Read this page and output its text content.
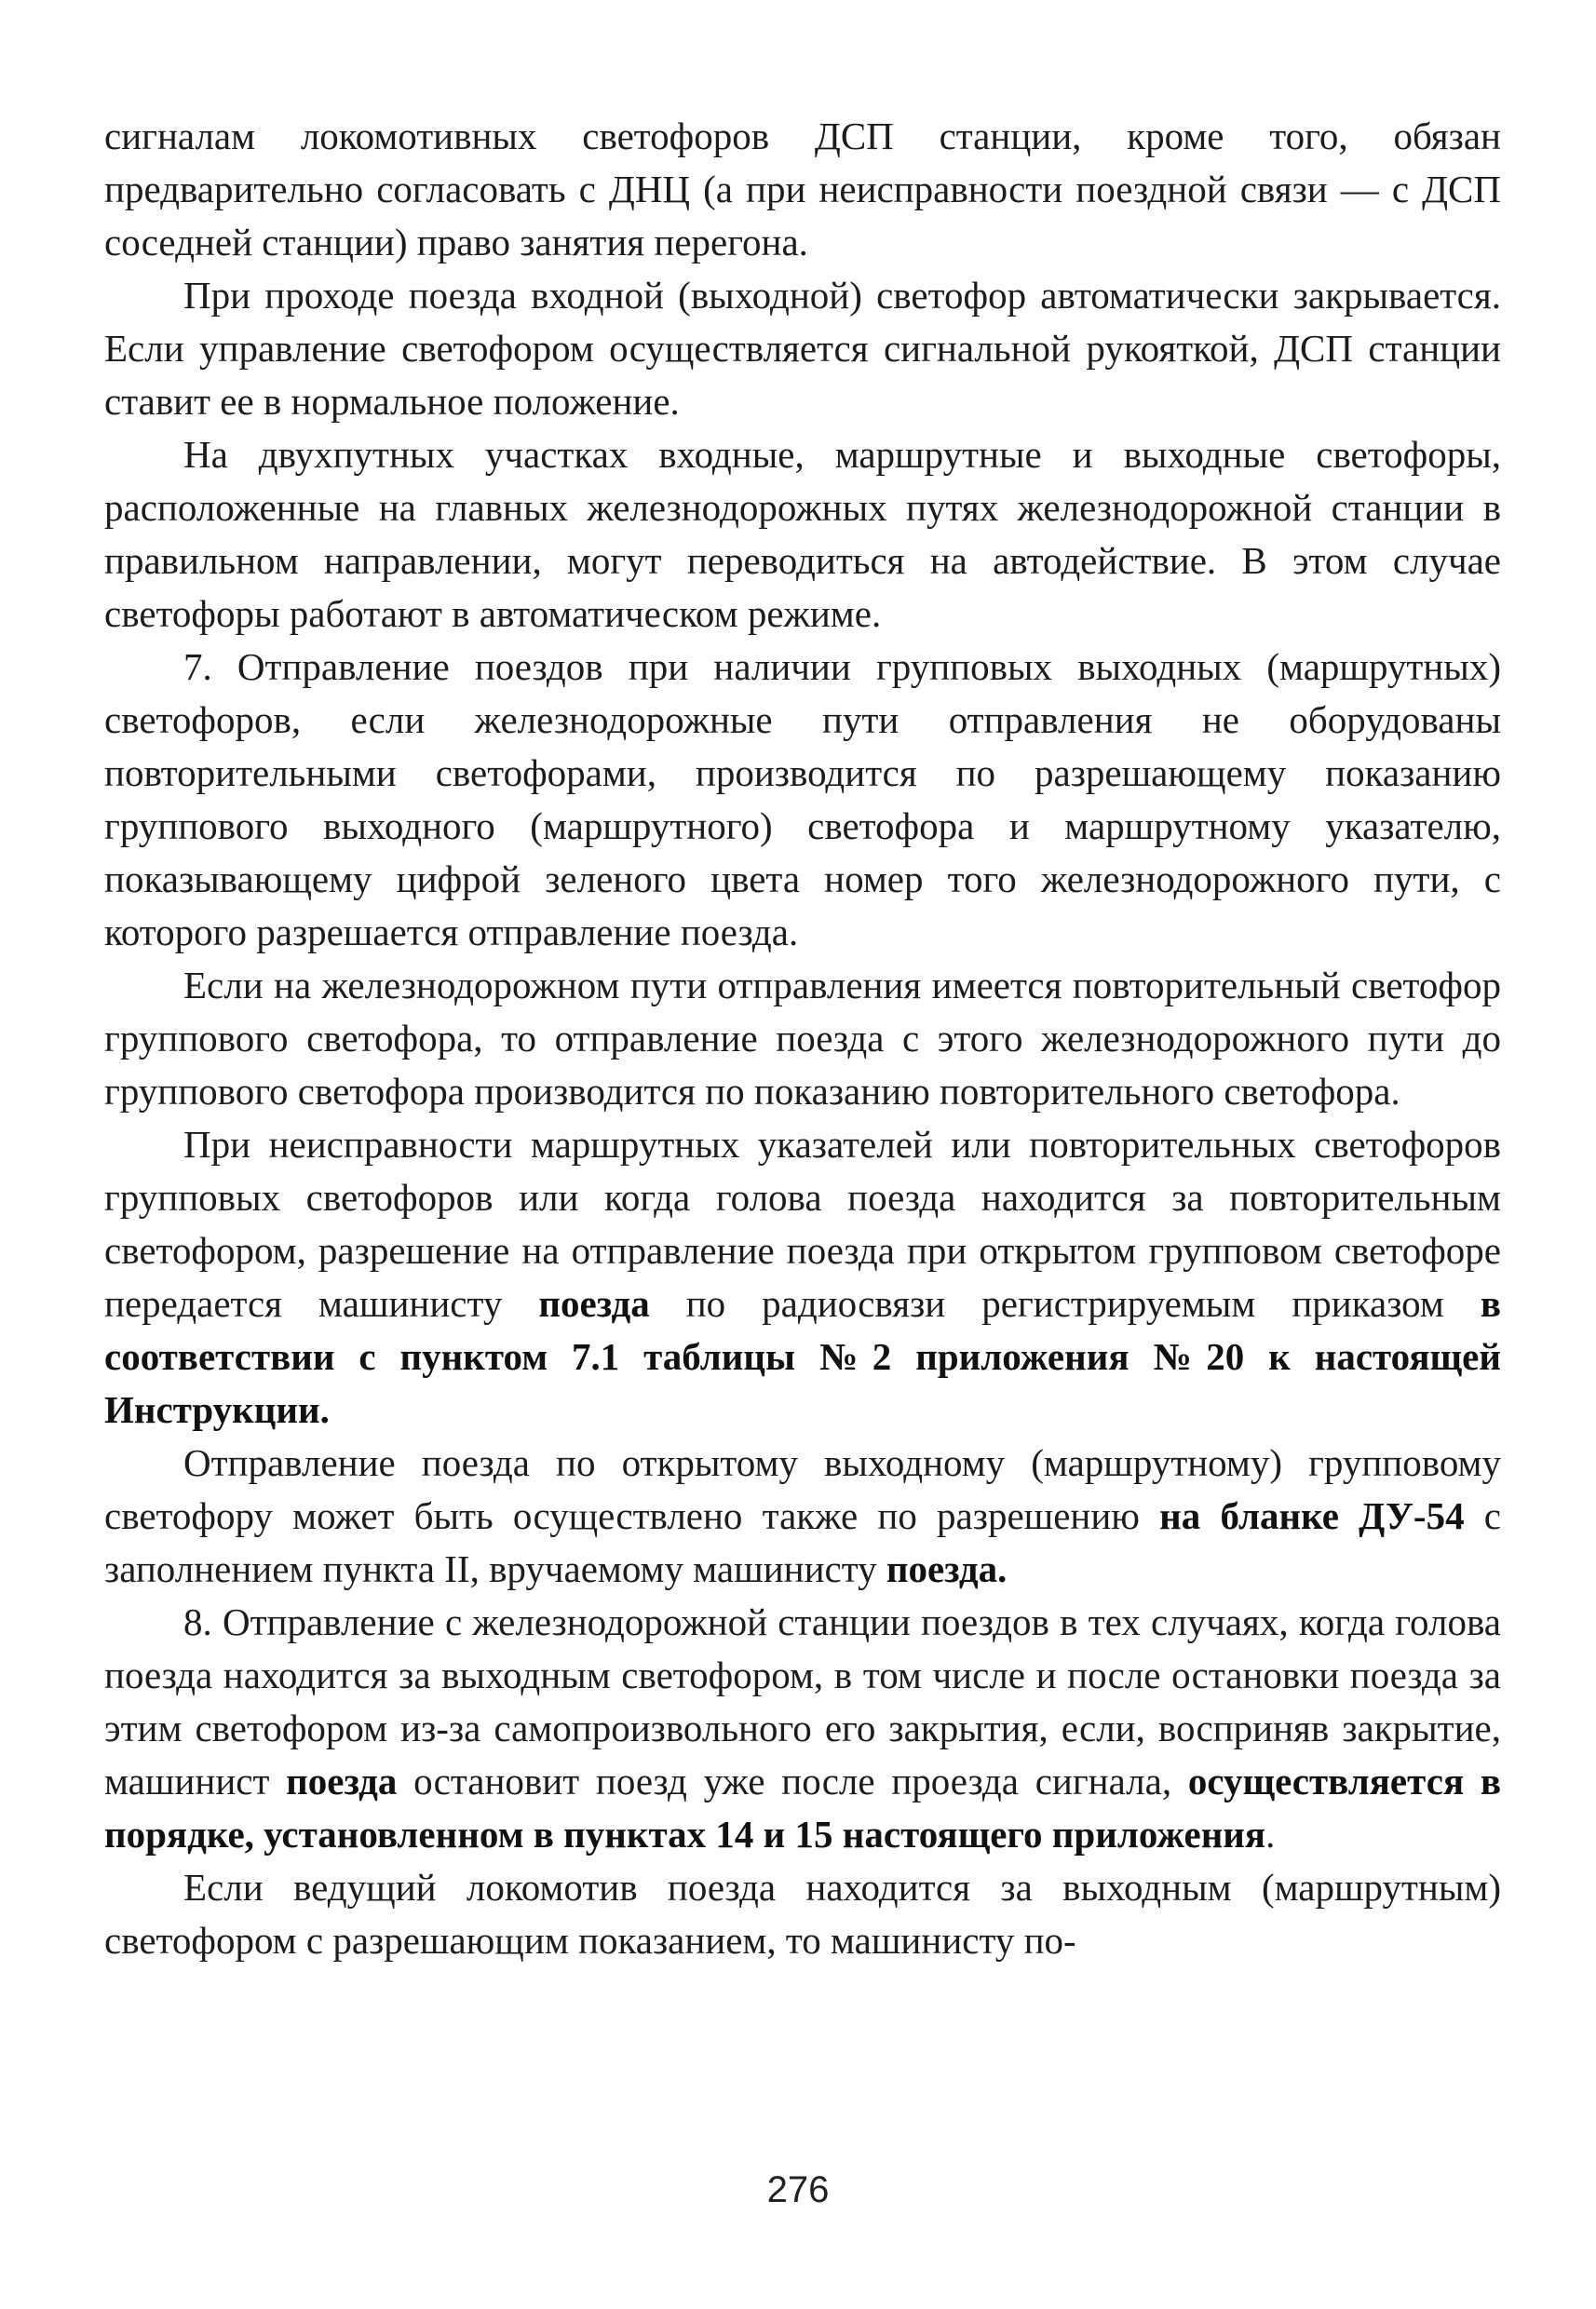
сигналам локомотивных светофоров ДСП станции, кроме того, обязан предварительно согласовать с ДНЦ (а при неисправности поездной связи — с ДСП соседней станции) право занятия перегона.

При проходе поезда входной (выходной) светофор автоматически закрывается. Если управление светофором осуществляется сигнальной рукояткой, ДСП станции ставит ее в нормальное положение.

На двухпутных участках входные, маршрутные и выходные светофоры, расположенные на главных железнодорожных путях железнодорожной станции в правильном направлении, могут переводиться на автодействие. В этом случае светофоры работают в автоматическом режиме.

7. Отправление поездов при наличии групповых выходных (маршрутных) светофоров, если железнодорожные пути отправления не оборудованы повторительными светофорами, производится по разрешающему показанию группового выходного (маршрутного) светофора и маршрутному указателю, показывающему цифрой зеленого цвета номер того железнодорожного пути, с которого разрешается отправление поезда.

Если на железнодорожном пути отправления имеется повторительный светофор группового светофора, то отправление поезда с этого железнодорожного пути до группового светофора производится по показанию повторительного светофора.

При неисправности маршрутных указателей или повторительных светофоров групповых светофоров или когда голова поезда находится за повторительным светофором, разрешение на отправление поезда при открытом групповом светофоре передается машинисту поезда по радиосвязи регистрируемым приказом в соответствии с пунктом 7.1 таблицы №2 приложения №20 к настоящей Инструкции.

Отправление поезда по открытому выходному (маршрутному) групповому светофору может быть осуществлено также по разрешению на бланке ДУ-54 с заполнением пункта II, вручаемому машинисту поезда.

8. Отправление с железнодорожной станции поездов в тех случаях, когда голова поезда находится за выходным светофором, в том числе и после остановки поезда за этим светофором из-за самопроизвольного его закрытия, если, восприняв закрытие, машинист поезда остановит поезд уже после проезда сигнала, осуществляется в порядке, установленном в пунктах 14 и 15 настоящего приложения.

Если ведущий локомотив поезда находится за выходным (маршрутным) светофором с разрешающим показанием, то машинисту по-

276
